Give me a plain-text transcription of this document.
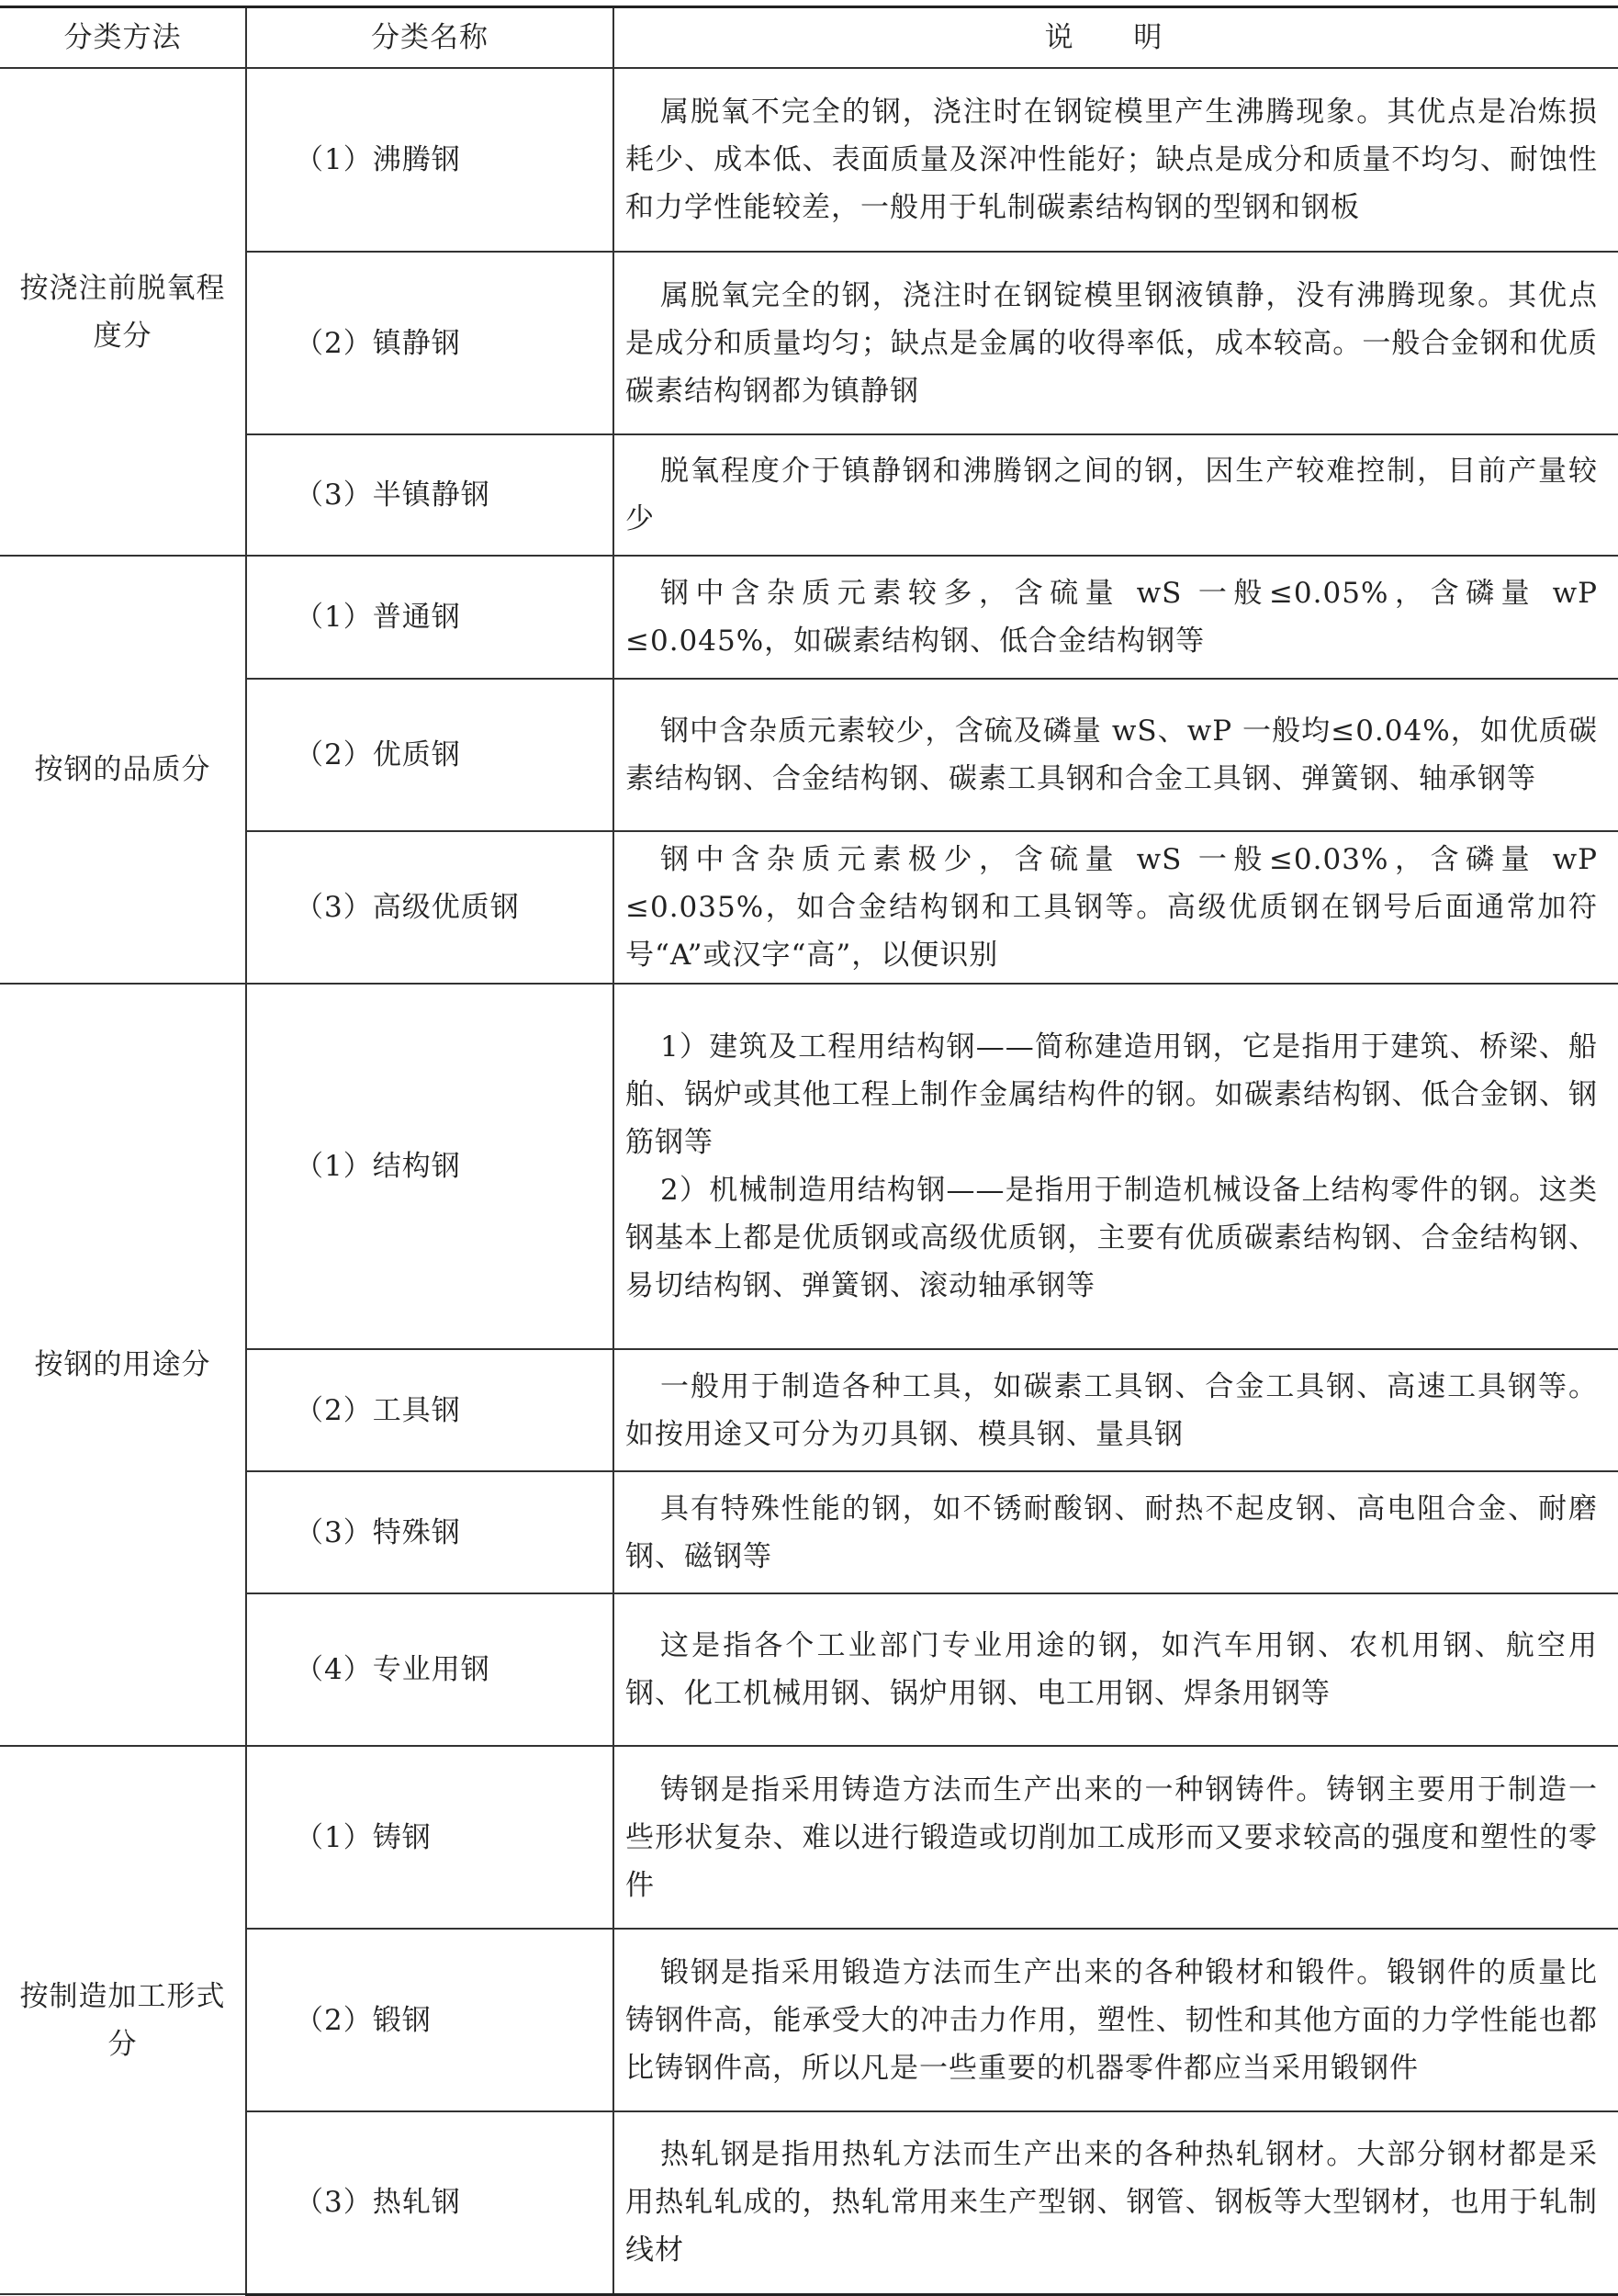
分类方法	分类名称	说 明
按浇注前脱氧程度分	（1）沸腾钢	属脱氧不完全的钢，浇注时在钢锭模里产生沸腾现象。其优点是冶炼损耗少、成本低、表面质量及深冲性能好；缺点是成分和质量不均匀、耐蚀性和力学性能较差，一般用于轧制碳素结构钢的型钢和钢板

	（2）镇静钢	属脱氧完全的钢，浇注时在钢锭模里钢液镇静，没有沸腾现象。其优点是成分和质量均匀；缺点是金属的收得率低，成本较高。一般合金钢和优质碳素结构钢都为镇静钢

	（3）半镇静钢	脱氧程度介于镇静钢和沸腾钢之间的钢，因生产较难控制，目前产量较少

按钢的品质分	（1）普通钢	钢中含杂质元素较多，含硫量 wS 一般≤0.05%，含磷量 wP ≤0.045%，如碳素结构钢、低合金结构钢等

	（2）优质钢	钢中含杂质元素较少，含硫及磷量 wS、wP 一般均≤0.04%，如优质碳素结构钢、合金结构钢、碳素工具钢和合金工具钢、弹簧钢、轴承钢等

	（3）高级优质钢	钢中含杂质元素极少，含硫量 wS 一般≤0.03%，含磷量 wP ≤0.035%，如合金结构钢和工具钢等。高级优质钢在钢号后面通常加符号“A”或汉字“高”，以便识别

按钢的用途分	（1）结构钢	1）建筑及工程用结构钢——简称建造用钢，它是指用于建筑、桥梁、船舶、锅炉或其他工程上制作金属结构件的钢。如碳素结构钢、低合金钢、钢筋钢等

2）机械制造用结构钢——是指用于制造机械设备上结构零件的钢。这类钢基本上都是优质钢或高级优质钢，主要有优质碳素结构钢、合金结构钢、易切结构钢、弹簧钢、滚动轴承钢等

	（2）工具钢	一般用于制造各种工具，如碳素工具钢、合金工具钢、高速工具钢等。如按用途又可分为刃具钢、模具钢、量具钢

	（3）特殊钢	具有特殊性能的钢，如不锈耐酸钢、耐热不起皮钢、高电阻合金、耐磨钢、磁钢等

	（4）专业用钢	这是指各个工业部门专业用途的钢，如汽车用钢、农机用钢、航空用钢、化工机械用钢、锅炉用钢、电工用钢、焊条用钢等

按制造加工形式分	（1）铸钢	铸钢是指采用铸造方法而生产出来的一种钢铸件。铸钢主要用于制造一些形状复杂、难以进行锻造或切削加工成形而又要求较高的强度和塑性的零件

	（2）锻钢	锻钢是指采用锻造方法而生产出来的各种锻材和锻件。锻钢件的质量比铸钢件高，能承受大的冲击力作用，塑性、韧性和其他方面的力学性能也都比铸钢件高，所以凡是一些重要的机器零件都应当采用锻钢件

	（3）热轧钢	热轧钢是指用热轧方法而生产出来的各种热轧钢材。大部分钢材都是采用热轧轧成的，热轧常用来生产型钢、钢管、钢板等大型钢材，也用于轧制线材
